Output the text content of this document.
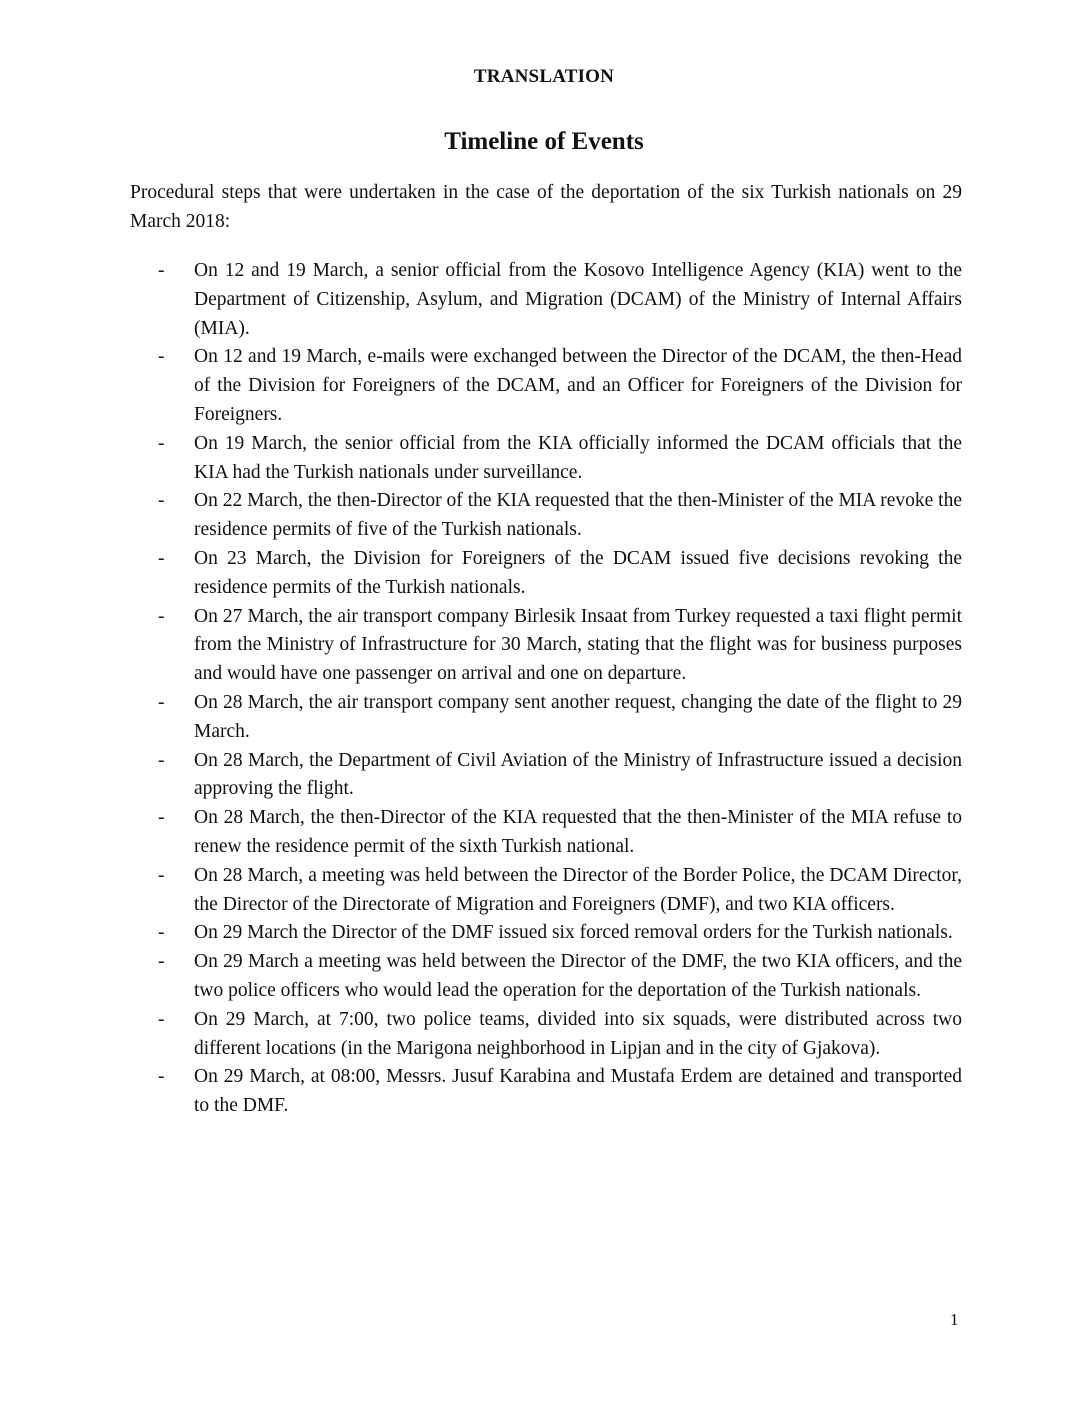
TRANSLATION
Timeline of Events

Procedural steps that were undertaken in the case of the deportation of the six Turkish nationals on 29 March 2018:

- On 12 and 19 March, a senior official from the Kosovo Intelligence Agency (KIA) went to the Department of Citizenship, Asylum, and Migration (DCAM) of the Ministry of Internal Affairs (MIA).
- On 12 and 19 March, e-mails were exchanged between the Director of the DCAM, the then-Head of the Division for Foreigners of the DCAM, and an Officer for Foreigners of the Division for Foreigners.
- On 19 March, the senior official from the KIA officially informed the DCAM officials that the KIA had the Turkish nationals under surveillance.
- On 22 March, the then-Director of the KIA requested that the then-Minister of the MIA revoke the residence permits of five of the Turkish nationals.
- On 23 March, the Division for Foreigners of the DCAM issued five decisions revoking the residence permits of the Turkish nationals.
- On 27 March, the air transport company Birlesik Insaat from Turkey requested a taxi flight permit from the Ministry of Infrastructure for 30 March, stating that the flight was for business purposes and would have one passenger on arrival and one on departure.
- On 28 March, the air transport company sent another request, changing the date of the flight to 29 March.
- On 28 March, the Department of Civil Aviation of the Ministry of Infrastructure issued a decision approving the flight.
- On 28 March, the then-Director of the KIA requested that the then-Minister of the MIA refuse to renew the residence permit of the sixth Turkish national.
- On 28 March, a meeting was held between the Director of the Border Police, the DCAM Director, the Director of the Directorate of Migration and Foreigners (DMF), and two KIA officers.
- On 29 March the Director of the DMF issued six forced removal orders for the Turkish nationals.
- On 29 March a meeting was held between the Director of the DMF, the two KIA officers, and the two police officers who would lead the operation for the deportation of the Turkish nationals.
- On 29 March, at 7:00, two police teams, divided into six squads, were distributed across two different locations (in the Marigona neighborhood in Lipjan and in the city of Gjakova).
- On 29 March, at 08:00, Messrs. Jusuf Karabina and Mustafa Erdem are detained and transported to the DMF.
1
